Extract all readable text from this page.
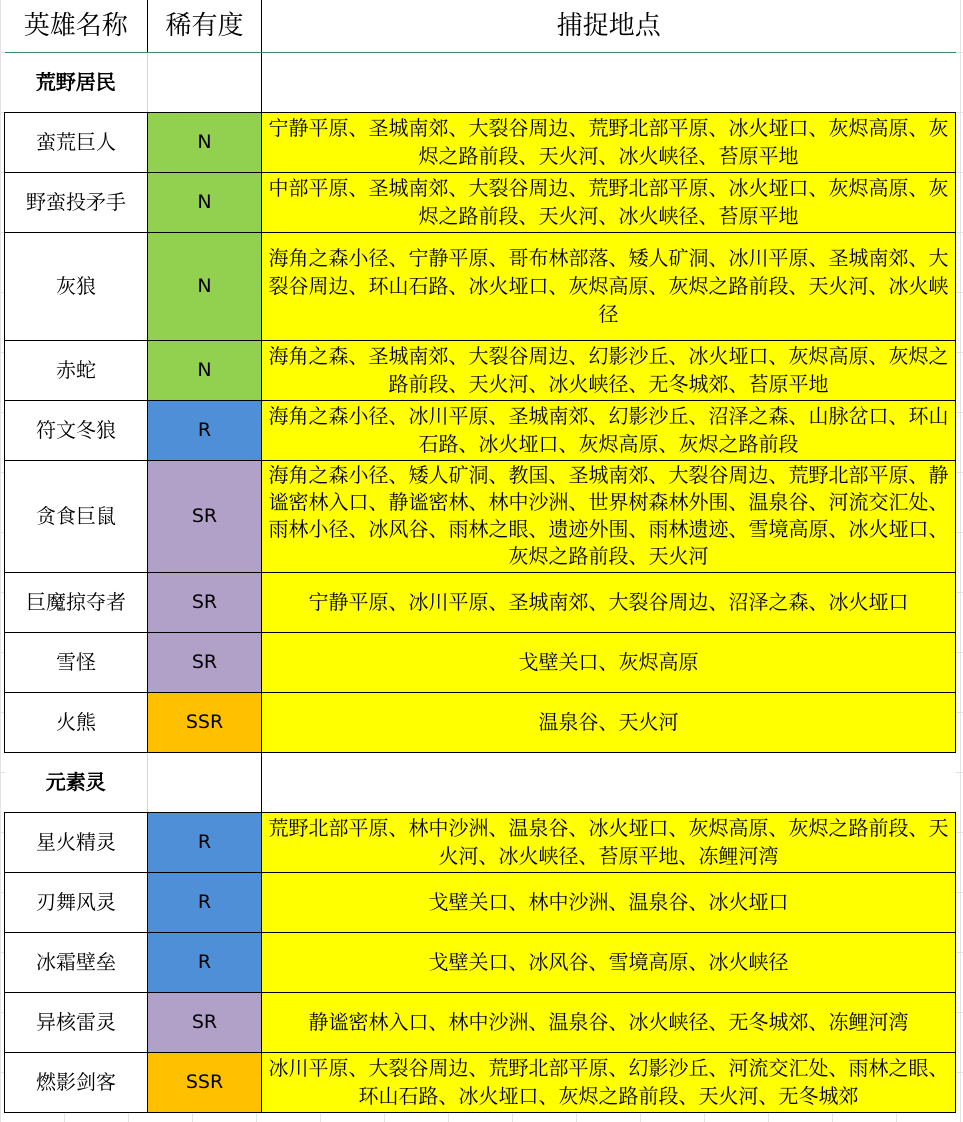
英雄名称	稀有度	捕捉地点
荒野居民		
蛮荒巨人	N	宁静平原、圣城南郊、大裂谷周边、荒野北部平原、冰火垭口、灰烬高原、灰烬之路前段、天火河、冰火峡径、苔原平地
野蛮投矛手	N	中部平原、圣城南郊、大裂谷周边、荒野北部平原、冰火垭口、灰烬高原、灰烬之路前段、天火河、冰火峡径、苔原平地
灰狼	N	海角之森小径、宁静平原、哥布林部落、矮人矿洞、冰川平原、圣城南郊、大裂谷周边、环山石路、冰火垭口、灰烬高原、灰烬之路前段、天火河、冰火峡径
赤蛇	N	海角之森、圣城南郊、大裂谷周边、幻影沙丘、冰火垭口、灰烬高原、灰烬之路前段、天火河、冰火峡径、无冬城郊、苔原平地
符文冬狼	R	海角之森小径、冰川平原、圣城南郊、幻影沙丘、沼泽之森、山脉岔口、环山石路、冰火垭口、灰烬高原、灰烬之路前段
贪食巨鼠	SR	海角之森小径、矮人矿洞、教国、圣城南郊、大裂谷周边、荒野北部平原、静谧密林入口、静谧密林、林中沙洲、世界树森林外围、温泉谷、河流交汇处、雨林小径、冰风谷、雨林之眼、遗迹外围、雨林遗迹、雪境高原、冰火垭口、灰烬之路前段、天火河
巨魔掠夺者	SR	宁静平原、冰川平原、圣城南郊、大裂谷周边、沼泽之森、冰火垭口
雪怪	SR	戈壁关口、灰烬高原
火熊	SSR	温泉谷、天火河
元素灵		
星火精灵	R	荒野北部平原、林中沙洲、温泉谷、冰火垭口、灰烬高原、灰烬之路前段、天火河、冰火峡径、苔原平地、冻鲤河湾
刃舞风灵	R	戈壁关口、林中沙洲、温泉谷、冰火垭口
冰霜壁垒	R	戈壁关口、冰风谷、雪境高原、冰火峡径
异核雷灵	SR	静谧密林入口、林中沙洲、温泉谷、冰火峡径、无冬城郊、冻鲤河湾
燃影剑客	SSR	冰川平原、大裂谷周边、荒野北部平原、幻影沙丘、河流交汇处、雨林之眼、环山石路、冰火垭口、灰烬之路前段、天火河、无冬城郊
